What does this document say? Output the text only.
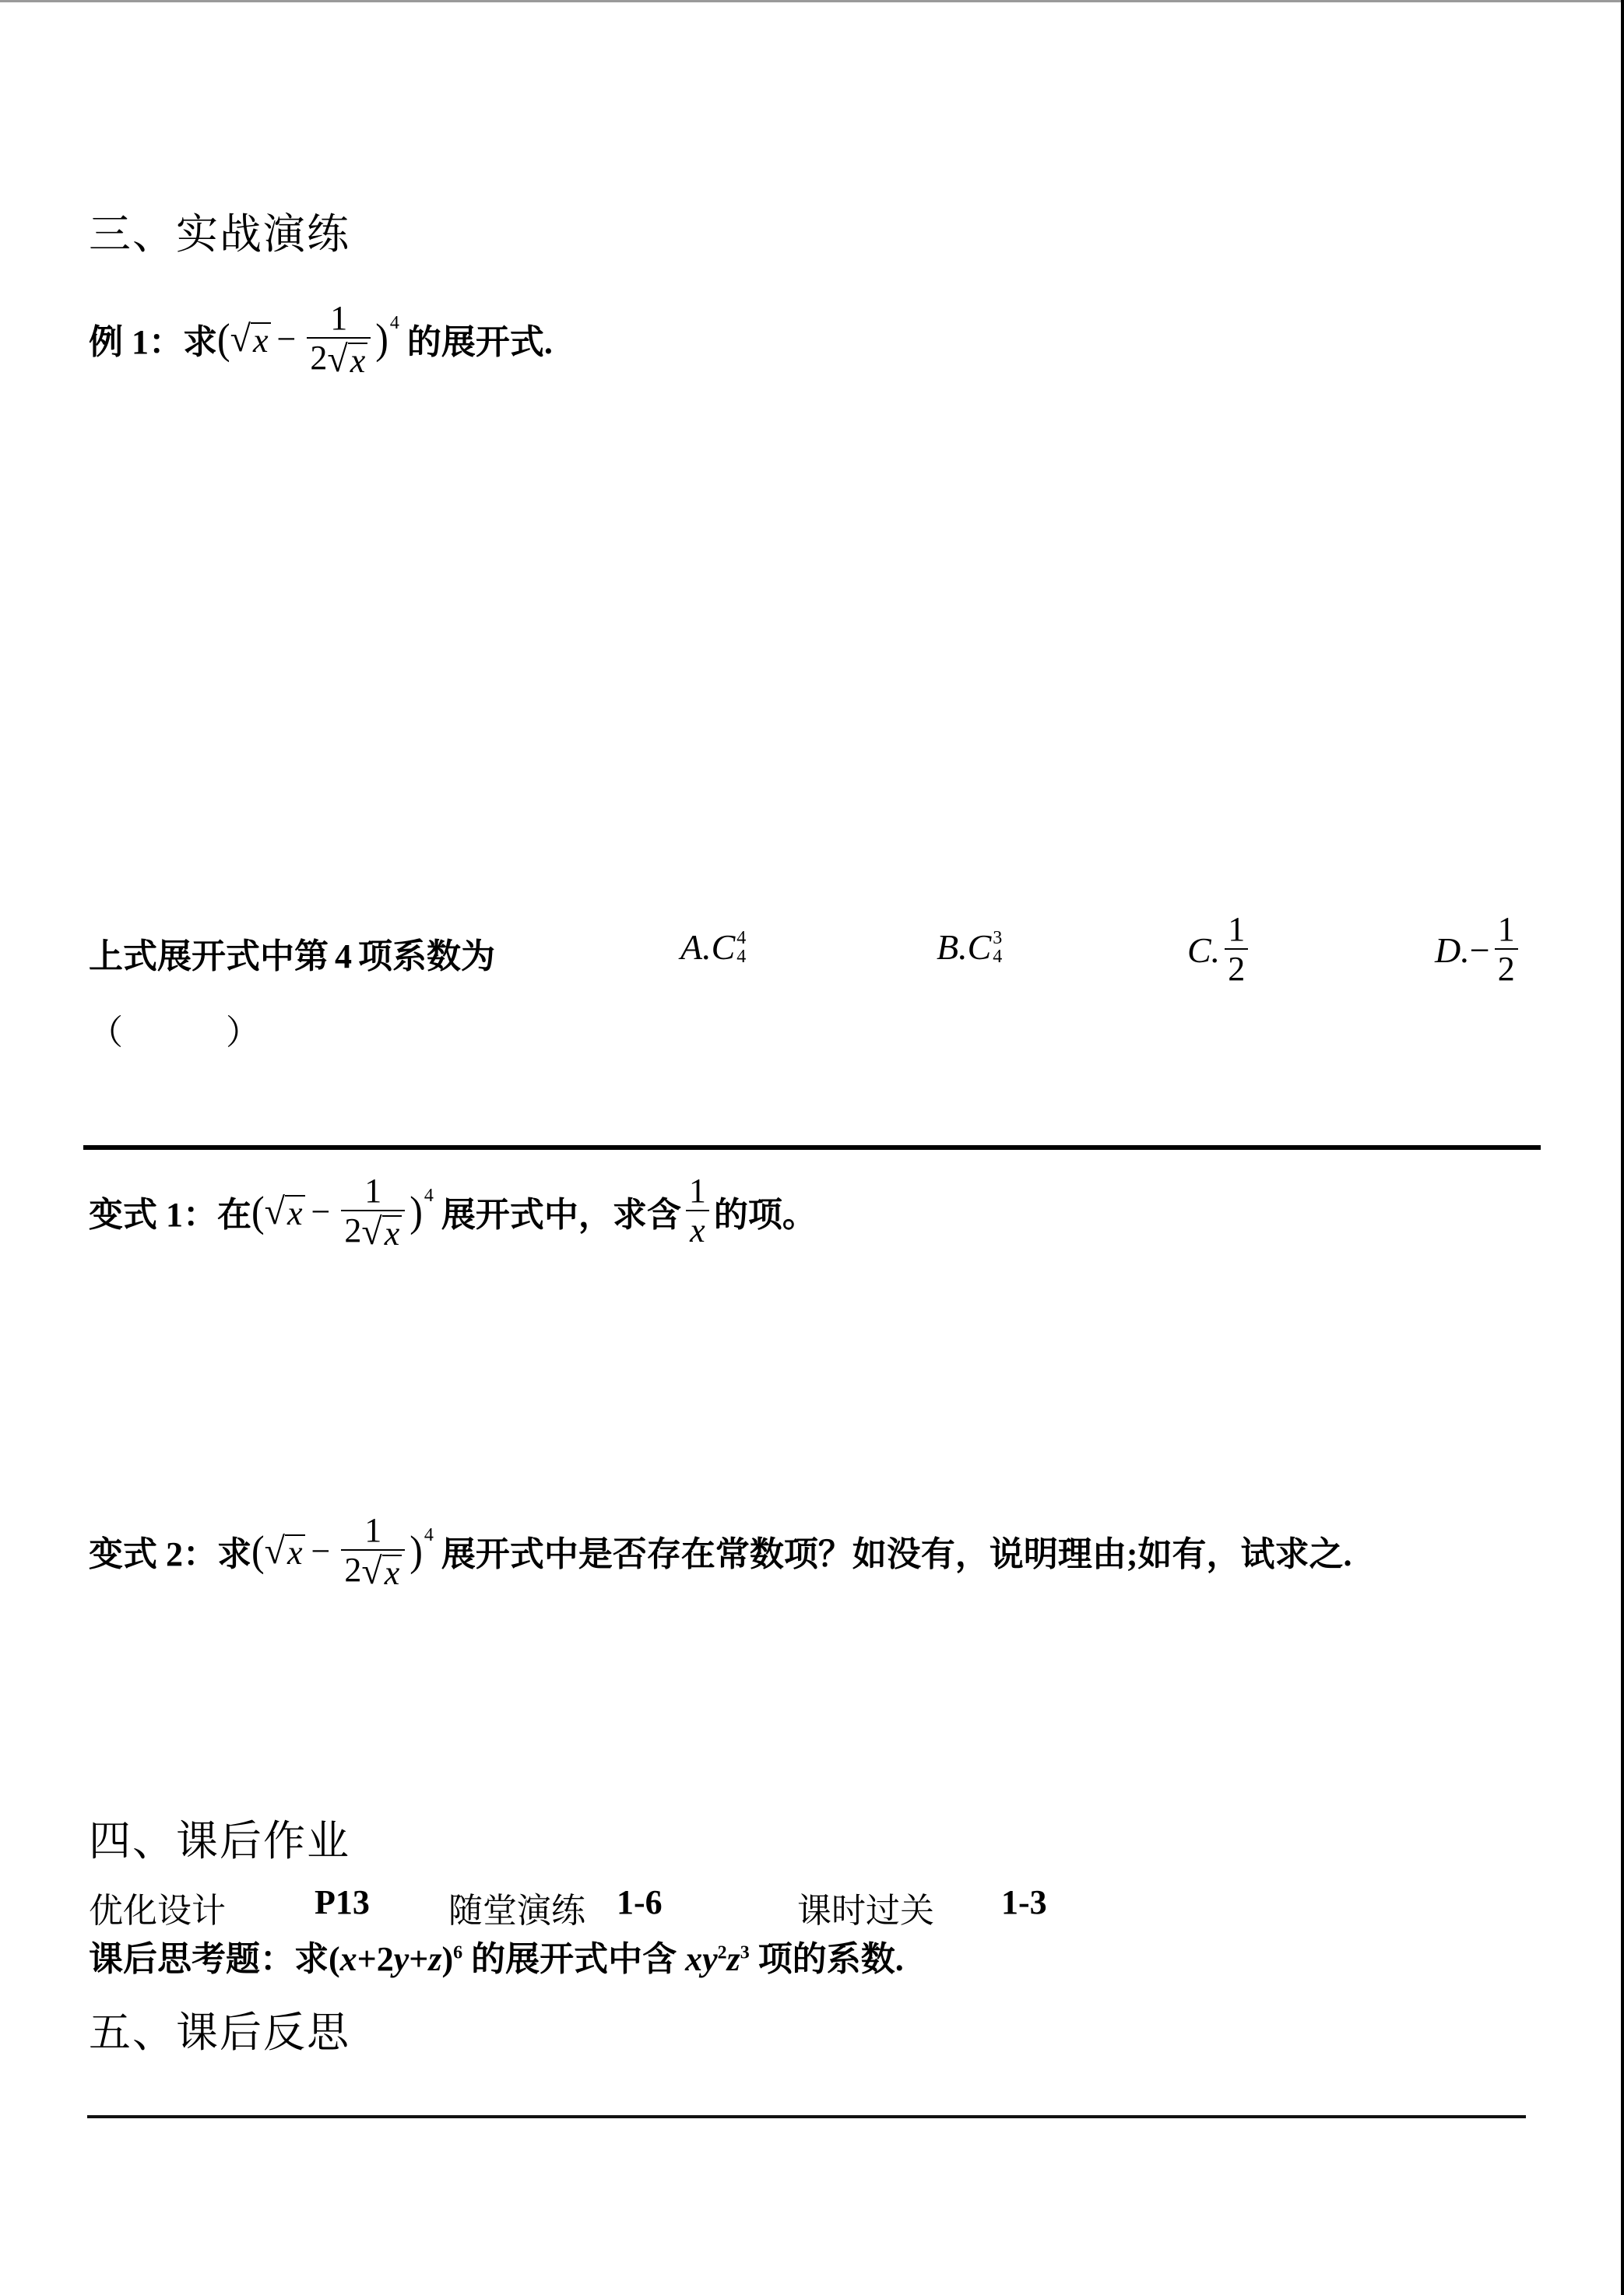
三、实战演练
例 1： 求 ( √ $x - \frac{1}{2 √ x}$ ) 4
的展开式.
上式展开式中第 4 项系数为	A. C 4
4	B. C 3
4	C. $\frac{1}{2}$	D. − $\frac{1}{2}$
（　　　）
变式 1： 在 ( √ $x - \frac{1}{2 √ x}$ ) 4
展开式中，求含 $\frac{1}{x}$ 的项。
变式 2： 求 ( √ $x - \frac{1}{2 √ x}$ ) 4
展开式中是否存在常数项？如没有，说明理由;如有，试求之.
四、课后作业
优化设计	P13 随堂演练 1-6	课时过关 1-3
课后思考题：求$(x+2y+z)^6$ 的展开式中含 $xy^2z^3$ 项的系数.
五、课后反思
